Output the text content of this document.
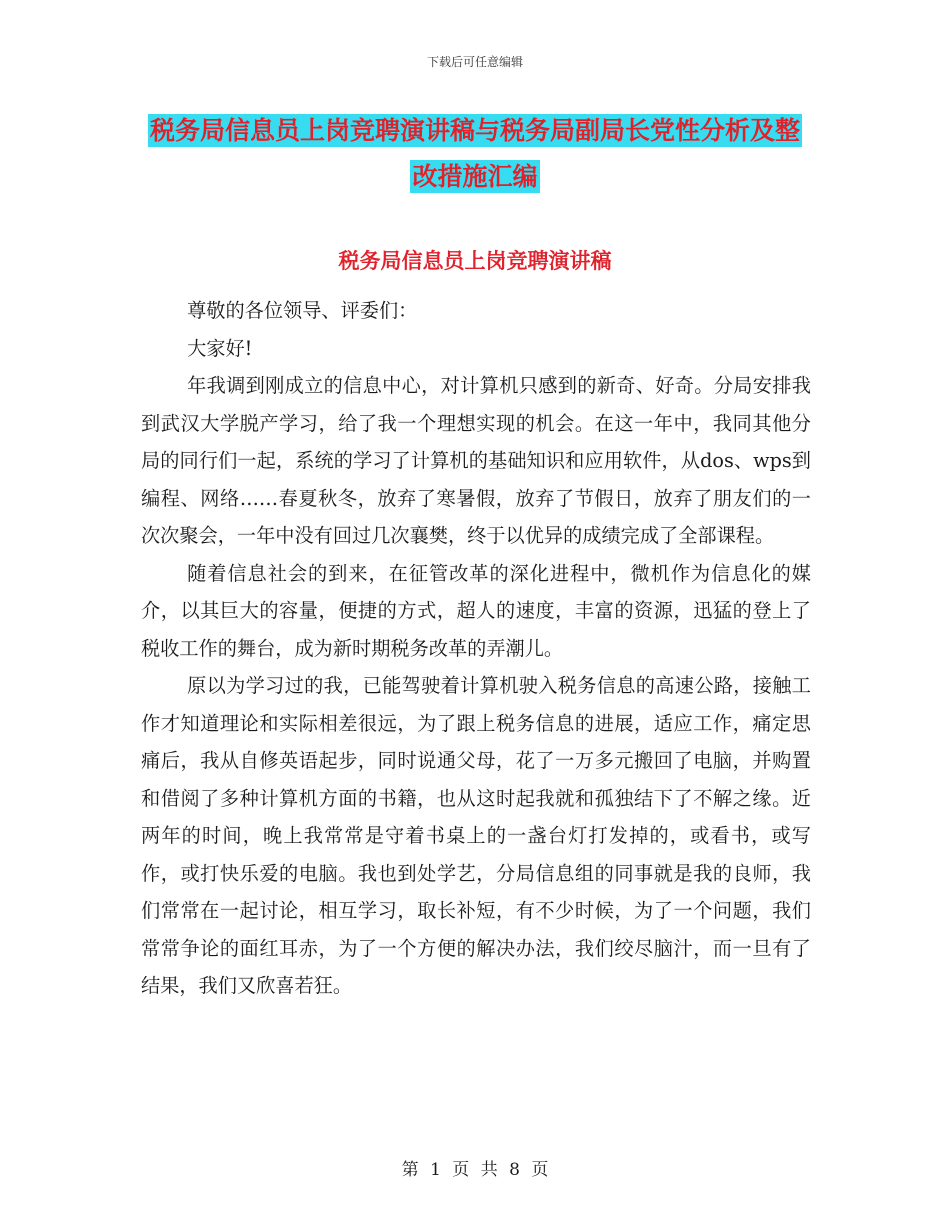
下载后可任意编辑
税务局信息员上岗竞聘演讲稿与税务局副局长党性分析及整改措施汇编
税务局信息员上岗竞聘演讲稿

尊敬的各位领导、评委们：

大家好!

年我调到刚成立的信息中心，对计算机只感到的新奇、好奇。分局安排我到武汉大学脱产学习，给了我一个理想实现的机会。在这一年中，我同其他分局的同行们一起，系统的学习了计算机的基础知识和应用软件，从dos、wps到编程、网络……春夏秋冬，放弃了寒暑假，放弃了节假日，放弃了朋友们的一次次聚会，一年中没有回过几次襄樊，终于以优异的成绩完成了全部课程。

随着信息社会的到来，在征管改革的深化进程中，微机作为信息化的媒介，以其巨大的容量，便捷的方式，超人的速度，丰富的资源，迅猛的登上了税收工作的舞台，成为新时期税务改革的弄潮儿。

原以为学习过的我，已能驾驶着计算机驶入税务信息的高速公路，接触工作才知道理论和实际相差很远，为了跟上税务信息的进展，适应工作，痛定思痛后，我从自修英语起步，同时说通父母，花了一万多元搬回了电脑，并购置和借阅了多种计算机方面的书籍，也从这时起我就和孤独结下了不解之缘。近两年的时间，晚上我常常是守着书桌上的一盏台灯打发掉的，或看书，或写作，或打快乐爱的电脑。我也到处学艺，分局信息组的同事就是我的良师，我们常常在一起讨论，相互学习，取长补短，有不少时候，为了一个问题，我们常常争论的面红耳赤，为了一个方便的解决办法，我们绞尽脑汁，而一旦有了结果，我们又欣喜若狂。

第 1 页 共 8 页
